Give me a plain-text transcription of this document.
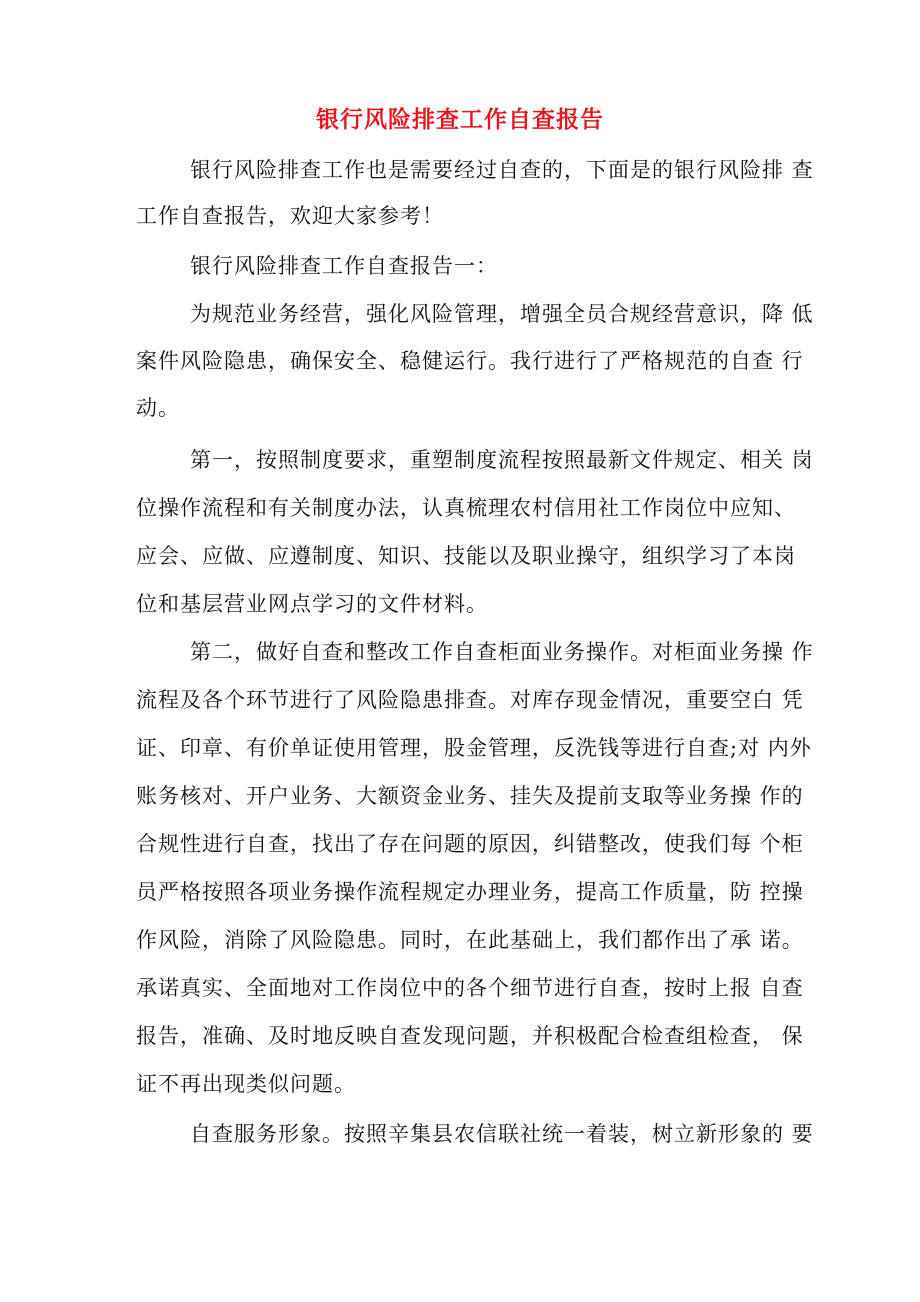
银行风险排查工作自查报告
银行风险排查工作也是需要经过自查的，下面是的银行风险排 查
工作自查报告，欢迎大家参考！
银行风险排查工作自查报告一：
为规范业务经营，强化风险管理，增强全员合规经营意识，降 低
案件风险隐患，确保安全、稳健运行。我行进行了严格规范的自查 行
动。
第一，按照制度要求，重塑制度流程按照最新文件规定、相关 岗
位操作流程和有关制度办法，认真梳理农村信用社工作岗位中应知、
应会、应做、应遵制度、知识、技能以及职业操守，组织学习了本岗
位和基层营业网点学习的文件材料。
第二，做好自查和整改工作自查柜面业务操作。对柜面业务操 作
流程及各个环节进行了风险隐患排查。对库存现金情况，重要空白 凭
证、印章、有价单证使用管理，股金管理，反洗钱等进行自查;对 内外
账务核对、开户业务、大额资金业务、挂失及提前支取等业务操 作的
合规性进行自查，找出了存在问题的原因，纠错整改，使我们每 个柜
员严格按照各项业务操作流程规定办理业务，提高工作质量，防 控操
作风险，消除了风险隐患。同时，在此基础上，我们都作出了承 诺。
承诺真实、全面地对工作岗位中的各个细节进行自查，按时上报 自查
报告，准确、及时地反映自查发现问题，并积极配合检查组检查， 保
证不再出现类似问题。
自查服务形象。按照辛集县农信联社统一着装，树立新形象的 要
